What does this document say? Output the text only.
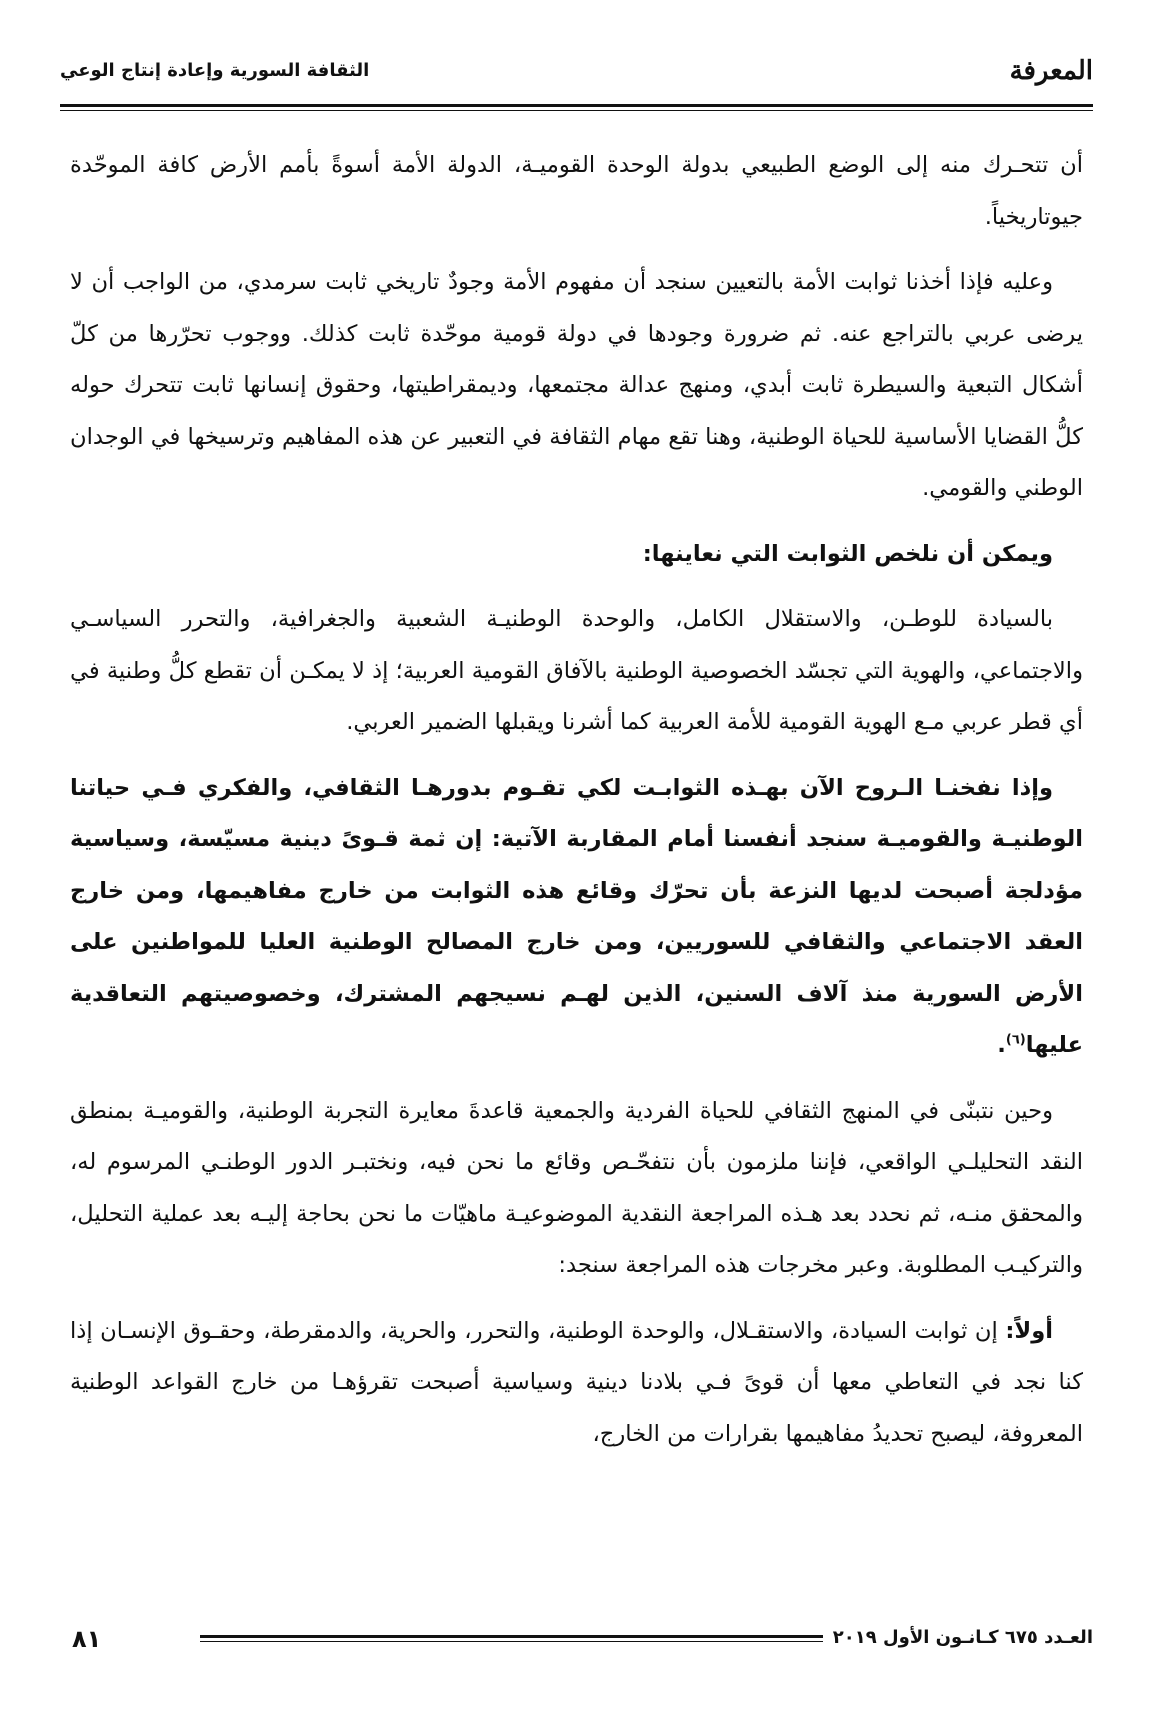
المعرفة
الثقافة السورية وإعادة إنتاج الوعي

أن تتحـرك منه إلى الوضع الطبيعي بدولة الوحدة القوميـة، الدولة الأمة أسوةً بأمم الأرض كافة الموحّدة جيوتاريخياً.

وعليه فإذا أخذنا ثوابت الأمة بالتعيين سنجد أن مفهوم الأمة وجودٌ تاريخي ثابت سرمدي، من الواجب أن لا يرضى عربي بالتراجع عنه. ثم ضرورة وجودها في دولة قومية موحّدة ثابت كذلك. ووجوب تحرّرها من كلّ أشكال التبعية والسيطرة ثابت أبدي، ومنهج عدالة مجتمعها، وديمقراطيتها، وحقوق إنسانها ثابت تتحرك حوله كلُّ القضايا الأساسية للحياة الوطنية، وهنا تقع مهام الثقافة في التعبير عن هذه المفاهيم وترسيخها في الوجدان الوطني والقومي.

ويمكن أن نلخص الثوابت التي نعاينها:

بالسيادة للوطـن، والاستقلال الكامل، والوحدة الوطنيـة الشعبية والجغرافية، والتحرر السياسـي والاجتماعي، والهوية التي تجسّد الخصوصية الوطنية بالآفاق القومية العربية؛ إذ لا يمكـن أن تقطع كلُّ وطنية في أي قطر عربي مـع الهوية القومية للأمة العربية كما أشرنا ويقبلها الضمير العربي.

وإذا نفخنـا الـروح الآن بهـذه الثوابـت لكي تقـوم بدورهـا الثقافي، والفكري فـي حياتنا الوطنيـة والقوميـة سنجد أنفسنا أمام المقاربة الآتية: إن ثمة قـوىً دينية مسيّسة، وسياسية مؤدلجة أصبحت لديها النزعة بأن تحرّك وقائع هذه الثوابت من خارج مفاهيمها، ومن خارج العقد الاجتماعي والثقافي للسوريين، ومن خارج المصالح الوطنية العليا للمواطنين على الأرض السورية منذ آلاف السنين، الذين لهـم نسيجهم المشترك، وخصوصيتهم التعاقدية عليها$^{(٦)}$.

وحين نتبنّى في المنهج الثقافي للحياة الفردية والجمعية قاعدةَ معايرة التجربة الوطنية، والقوميـة بمنطق النقد التحليلـي الواقعي، فإننا ملزمون بأن نتفحّـص وقائع ما نحن فيه، ونختبـر الدور الوطنـي المرسوم له، والمحقق منـه، ثم نحدد بعد هـذه المراجعة النقدية الموضوعيـة ماهيّات ما نحن بحاجة إليـه بعد عملية التحليل، والتركيـب المطلوبة. وعبر مخرجات هذه المراجعة سنجد:

أولاً: إن ثوابت السيادة، والاستقـلال، والوحدة الوطنية، والتحرر، والحرية، والدمقرطة، وحقـوق الإنسـان إذا كنا نجد في التعاطي معها أن قوىً فـي بلادنا دينية وسياسية أصبحت تقرؤهـا من خارج القواعد الوطنية المعروفة، ليصبح تحديدُ مفاهيمها بقرارات من الخارج،

٨١	العـدد ٦٧٥ كـانـون الأول ٢٠١٩
